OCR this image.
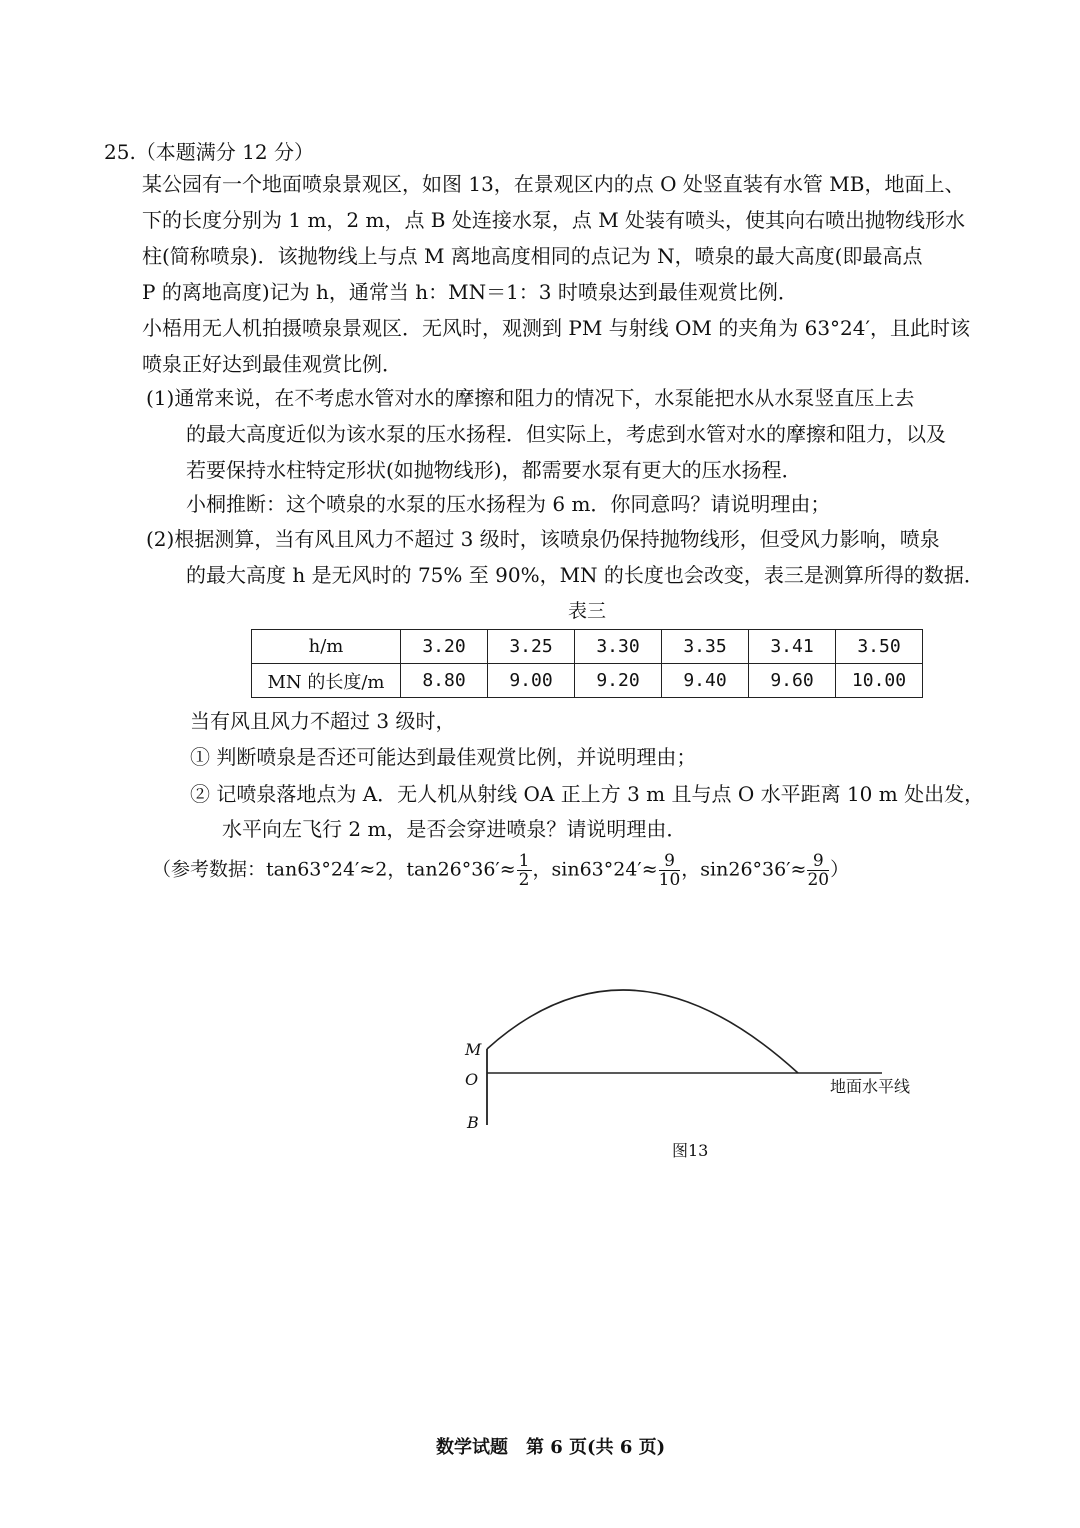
25.（本题满分 12 分）
某公园有一个地面喷泉景观区，如图 13，在景观区内的点 O 处竖直装有水管 MB，地面上、
下的长度分别为 1 m，2 m，点 B 处连接水泵，点 M 处装有喷头，使其向右喷出抛物线形水
柱(简称喷泉)．该抛物线上与点 M 离地高度相同的点记为 N，喷泉的最大高度(即最高点
P 的离地高度)记为 h，通常当 h：MN＝1：3 时喷泉达到最佳观赏比例．
小梧用无人机拍摄喷泉景观区．无风时，观测到 PM 与射线 OM 的夹角为 63°24′，且此时该
喷泉正好达到最佳观赏比例．
(1)通常来说，在不考虑水管对水的摩擦和阻力的情况下，水泵能把水从水泵竖直压上去
的最大高度近似为该水泵的压水扬程．但实际上，考虑到水管对水的摩擦和阻力，以及
若要保持水柱特定形状(如抛物线形)，都需要水泵有更大的压水扬程．
小桐推断：这个喷泉的水泵的压水扬程为 6 m．你同意吗？请说明理由；
(2)根据测算，当有风且风力不超过 3 级时，该喷泉仍保持抛物线形，但受风力影响，喷泉
的最大高度 h 是无风时的 75% 至 90%，MN 的长度也会改变，表三是测算所得的数据．
表三
h/m	3.20	3.25	3.30	3.35	3.41	3.50
MN 的长度/m	8.80	9.00	9.20	9.40	9.60	10.00
当有风且风力不超过 3 级时，
① 判断喷泉是否还可能达到最佳观赏比例，并说明理由；
② 记喷泉落地点为 A．无人机从射线 OA 正上方 3 m 且与点 O 水平距离 10 m 处出发，
水平向左飞行 2 m，是否会穿进喷泉？请说明理由．
（参考数据：tan63°24′≈2，$\tan 26^\circ 36'\approx \frac{1}{2}$ ，$\sin 63^\circ 24'\approx \frac{9}{10}$ ，$\sin 26^\circ 36'\approx \frac{9}{20}$ ）
M
O
B
地面水平线
图13
数学试题　第 6 页(共 6 页)
